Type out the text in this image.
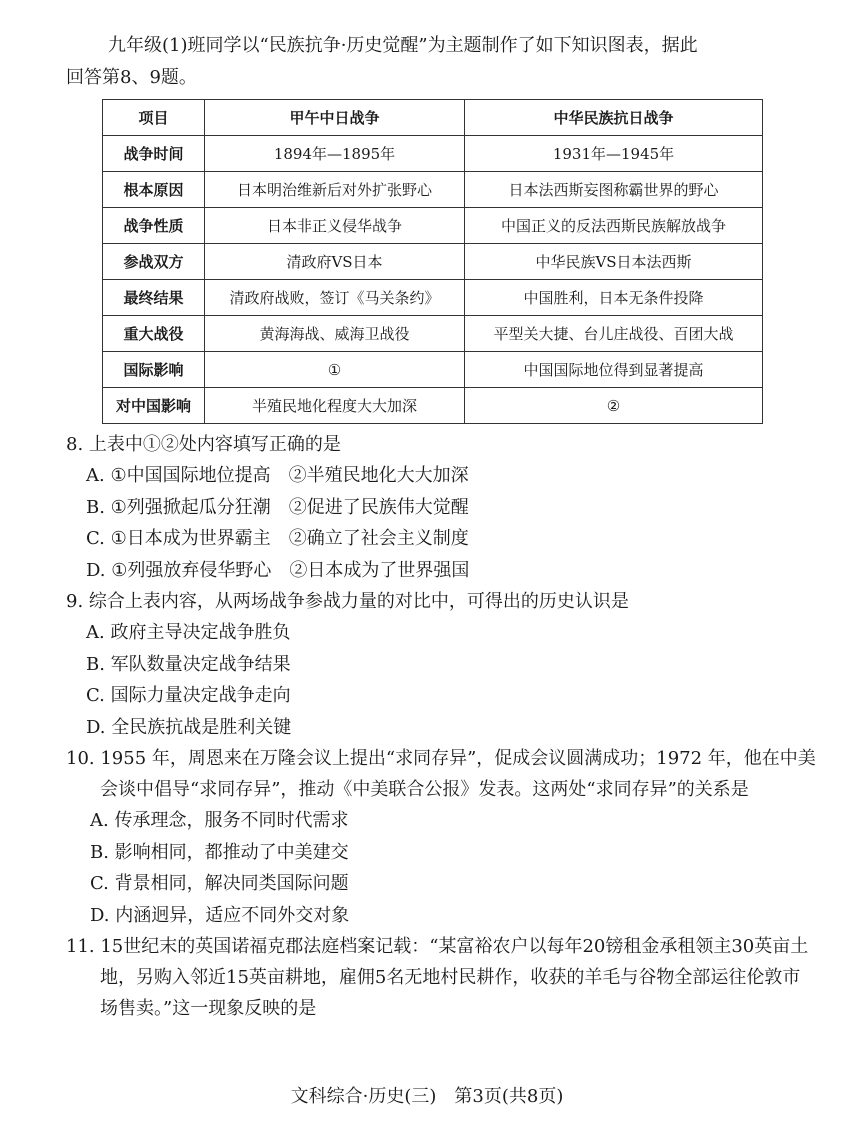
九年级(1)班同学以“民族抗争·历史觉醒”为主题制作了如下知识图表，据此
回答第8、9题。
项目	甲午中日战争	中华民族抗日战争
战争时间	1894年—1895年	1931年—1945年
根本原因	日本明治维新后对外扩张野心	日本法西斯妄图称霸世界的野心
战争性质	日本非正义侵华战争	中国正义的反法西斯民族解放战争
参战双方	清政府VS日本	中华民族VS日本法西斯
最终结果	清政府战败，签订《马关条约》	中国胜利，日本无条件投降
重大战役	黄海海战、威海卫战役	平型关大捷、台儿庄战役、百团大战
国际影响	①	中国国际地位得到显著提高
对中国影响	半殖民地化程度大大加深	②
8. 上表中①②处内容填写正确的是
A. ①中国国际地位提高　②半殖民地化大大加深
B. ①列强掀起瓜分狂潮　②促进了民族伟大觉醒
C. ①日本成为世界霸主　②确立了社会主义制度
D. ①列强放弃侵华野心　②日本成为了世界强国
9. 综合上表内容，从两场战争参战力量的对比中，可得出的历史认识是
A. 政府主导决定战争胜负
B. 军队数量决定战争结果
C. 国际力量决定战争走向
D. 全民族抗战是胜利关键
10. 1955 年，周恩来在万隆会议上提出“求同存异”，促成会议圆满成功；1972 年，他在中美会谈中倡导“求同存异”，推动《中美联合公报》发表。这两处“求同存异”的关系是
A. 传承理念，服务不同时代需求
B. 影响相同，都推动了中美建交
C. 背景相同，解决同类国际问题
D. 内涵迥异，适应不同外交对象
11. 15世纪末的英国诺福克郡法庭档案记载：“某富裕农户以每年20镑租金承租领主30英亩土地，另购入邻近15英亩耕地，雇佣5名无地村民耕作，收获的羊毛与谷物全部运往伦敦市场售卖。”这一现象反映的是
文科综合·历史(三)　第3页(共8页)
